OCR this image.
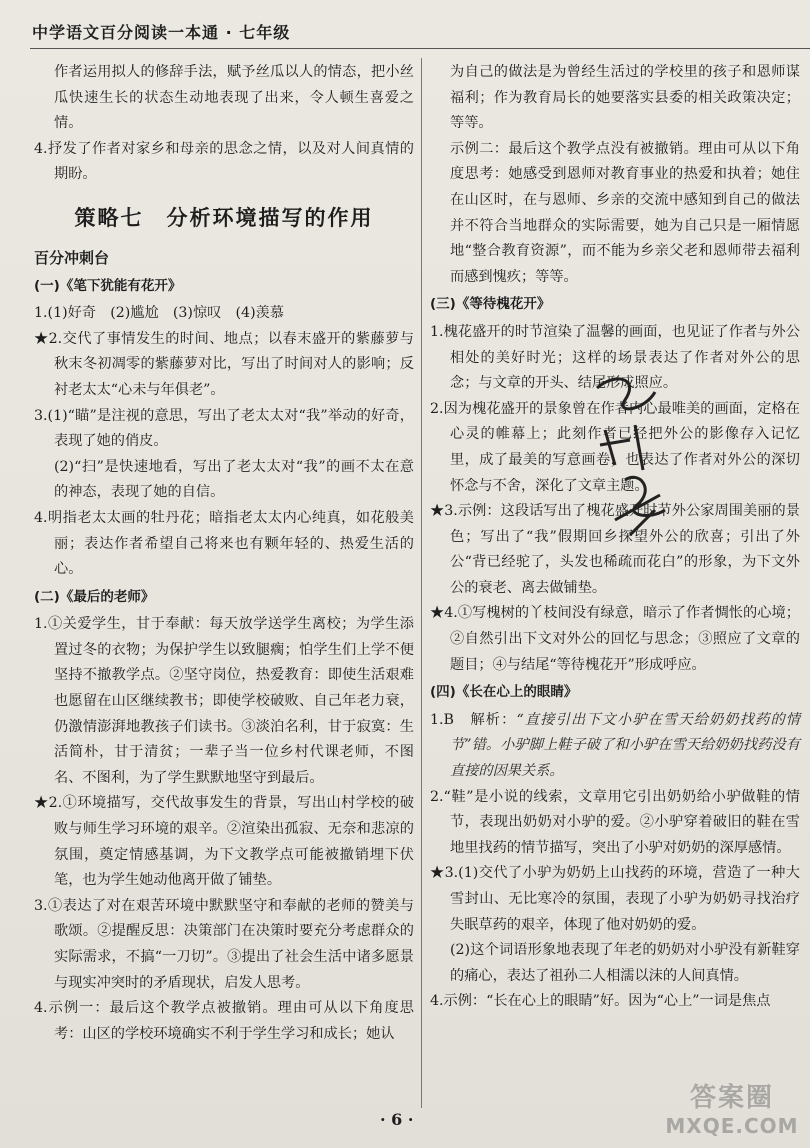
中学语文百分阅读一本通 · 七年级

作者运用拟人的修辞手法，赋予丝瓜以人的情态，把小丝瓜快速生长的状态生动地表现了出来，令人顿生喜爱之情。

4.抒发了作者对家乡和母亲的思念之情，以及对人间真情的期盼。

策略七　分析环境描写的作用
百分冲刺台
(一)《笔下犹能有花开》

1.(1)好奇　(2)尴尬　(3)惊叹　(4)羡慕

★2.交代了事情发生的时间、地点；以春末盛开的紫藤萝与秋末冬初凋零的紫藤萝对比，写出了时间对人的影响；反衬老太太“心未与年俱老”。

3.(1)“瞄”是注视的意思，写出了老太太对“我”举动的好奇，表现了她的俏皮。

(2)“扫”是快速地看，写出了老太太对“我”的画不太在意的神态，表现了她的自信。

4.明指老太太画的牡丹花；暗指老太太内心纯真，如花般美丽；表达作者希望自己将来也有颗年轻的、热爱生活的心。

(二)《最后的老师》

1.①关爱学生，甘于奉献：每天放学送学生离校；为学生添置过冬的衣物；为保护学生以致腿瘸；怕学生们上学不便坚持不撤教学点。②坚守岗位，热爱教育：即使生活艰难也愿留在山区继续教书；即使学校破败、自己年老力衰，仍激情澎湃地教孩子们读书。③淡泊名利，甘于寂寞：生活简朴，甘于清贫；一辈子当一位乡村代课老师，不图名、不图利，为了学生默默地坚守到最后。

★2.①环境描写，交代故事发生的背景，写出山村学校的破败与师生学习环境的艰辛。②渲染出孤寂、无奈和悲凉的氛围，奠定情感基调，为下文教学点可能被撤销埋下伏笔，也为学生她动他离开做了铺垫。

3.①表达了对在艰苦环境中默默坚守和奉献的老师的赞美与歌颂。②提醒反思：决策部门在决策时要充分考虑群众的实际需求，不搞“一刀切”。③提出了社会生活中诸多愿景与现实冲突时的矛盾现状，启发人思考。

4.示例一：最后这个教学点被撤销。理由可从以下角度思考：山区的学校环境确实不利于学生学习和成长；她认

为自己的做法是为曾经生活过的学校里的孩子和恩师谋福利；作为教育局长的她要落实县委的相关政策决定；等等。

示例二：最后这个教学点没有被撤销。理由可从以下角度思考：她感受到恩师对教育事业的热爱和执着；她住在山区时，在与恩师、乡亲的交流中感知到自己的做法并不符合当地群众的实际需要，她为自己只是一厢情愿地“整合教育资源”，而不能为乡亲父老和恩师带去福利而感到愧疚；等等。

(三)《等待槐花开》

1.槐花盛开的时节渲染了温馨的画面，也见证了作者与外公相处的美好时光；这样的场景表达了作者对外公的思念；与文章的开头、结尾形成照应。

2.因为槐花盛开的景象曾在作者内心最唯美的画面，定格在心灵的帷幕上；此刻作者已经把外公的影像存入记忆里，成了最美的写意画卷，也表达了作者对外公的深切怀念与不舍，深化了文章主题。

★3.示例：这段话写出了槐花盛开时节外公家周围美丽的景色；写出了“我”假期回乡探望外公的欣喜；引出了外公“背已经驼了，头发也稀疏而花白”的形象，为下文外公的衰老、离去做铺垫。

★4.①写槐树的丫枝间没有绿意，暗示了作者惆怅的心境；②自然引出下文对外公的回忆与思念；③照应了文章的题目；④与结尾“等待槐花开”形成呼应。

(四)《长在心上的眼睛》

1.B　解析：“直接引出下文小驴在雪天给奶奶找药的情节”错。小驴脚上鞋子破了和小驴在雪天给奶奶找药没有直接的因果关系。

2.“鞋”是小说的线索，文章用它引出奶奶给小驴做鞋的情节，表现出奶奶对小驴的爱。②小驴穿着破旧的鞋在雪地里找药的情节描写，突出了小驴对奶奶的深厚感情。

★3.(1)交代了小驴为奶奶上山找药的环境，营造了一种大雪封山、无比寒冷的氛围，表现了小驴为奶奶寻找治疗失眠草药的艰辛，体现了他对奶奶的爱。

(2)这个词语形象地表现了年老的奶奶对小驴没有新鞋穿的痛心，表达了祖孙二人相濡以沫的人间真情。

4.示例：“长在心上的眼睛”好。因为“心上”一词是焦点

· 6 ·
答案圈
MXQE.COM
